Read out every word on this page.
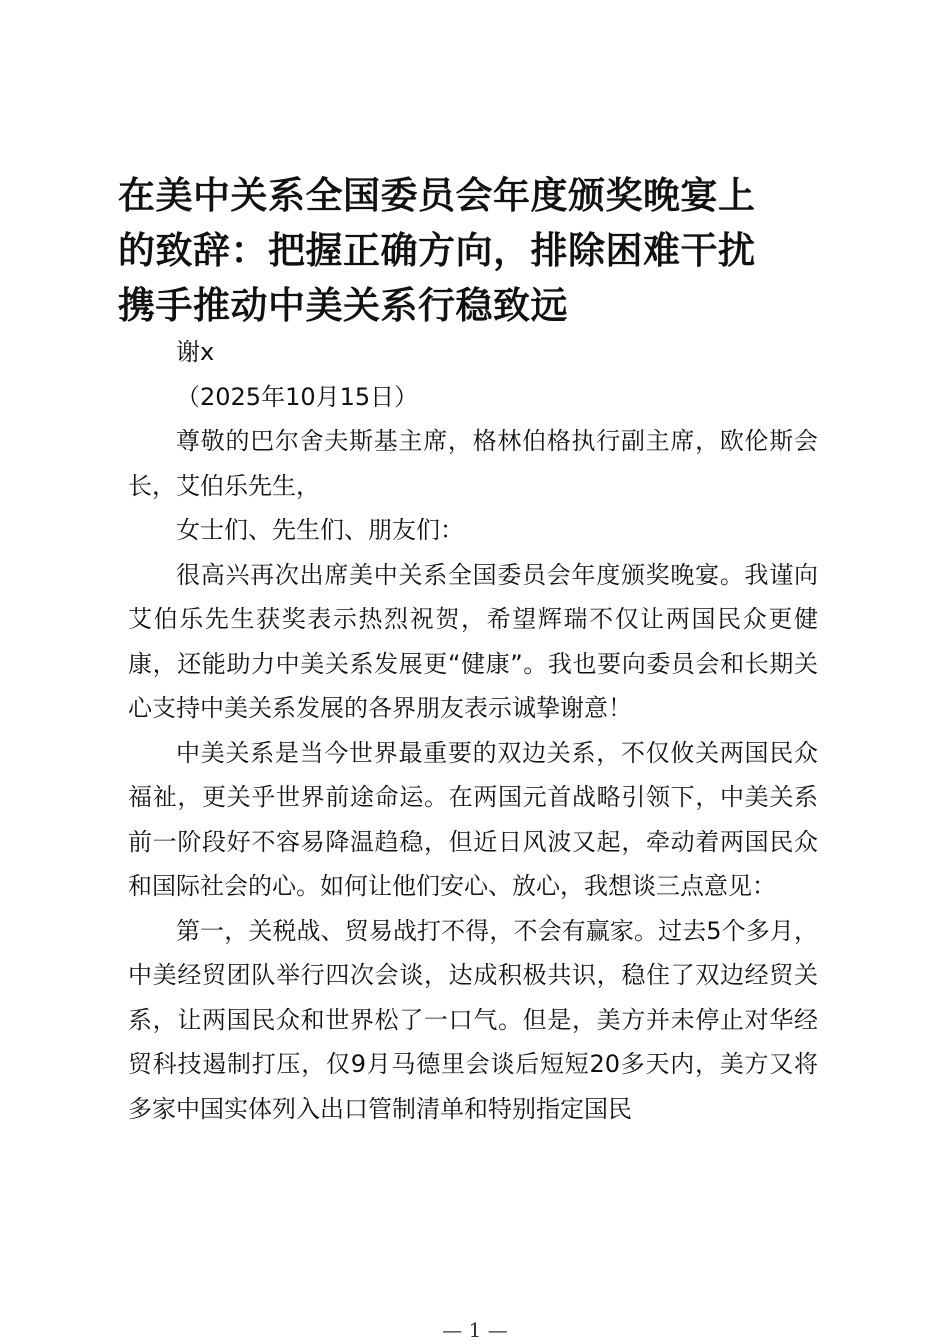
在美中关系全国委员会年度颁奖晚宴上
的致辞：把握正确方向，排除困难干扰
携手推动中美关系行稳致远

谢x

（2025年10月15日）

尊敬的巴尔舍夫斯基主席，格林伯格执行副主席，欧伦斯会长，艾伯乐先生，

女士们、先生们、朋友们：

很高兴再次出席美中关系全国委员会年度颁奖晚宴。我谨向艾伯乐先生获奖表示热烈祝贺，希望辉瑞不仅让两国民众更健康，还能助力中美关系发展更“健康”。我也要向委员会和长期关心支持中美关系发展的各界朋友表示诚挚谢意！

中美关系是当今世界最重要的双边关系，不仅攸关两国民众福祉，更关乎世界前途命运。在两国元首战略引领下，中美关系前一阶段好不容易降温趋稳，但近日风波又起，牵动着两国民众和国际社会的心。如何让他们安心、放心，我想谈三点意见：

第一，关税战、贸易战打不得，不会有赢家。过去5个多月，中美经贸团队举行四次会谈，达成积极共识，稳住了双边经贸关系，让两国民众和世界松了一口气。但是，美方并未停止对华经贸科技遏制打压，仅9月马德里会谈后短短20多天内，美方又将多家中国实体列入出口管制清单和特别指定国民

— 1 —
